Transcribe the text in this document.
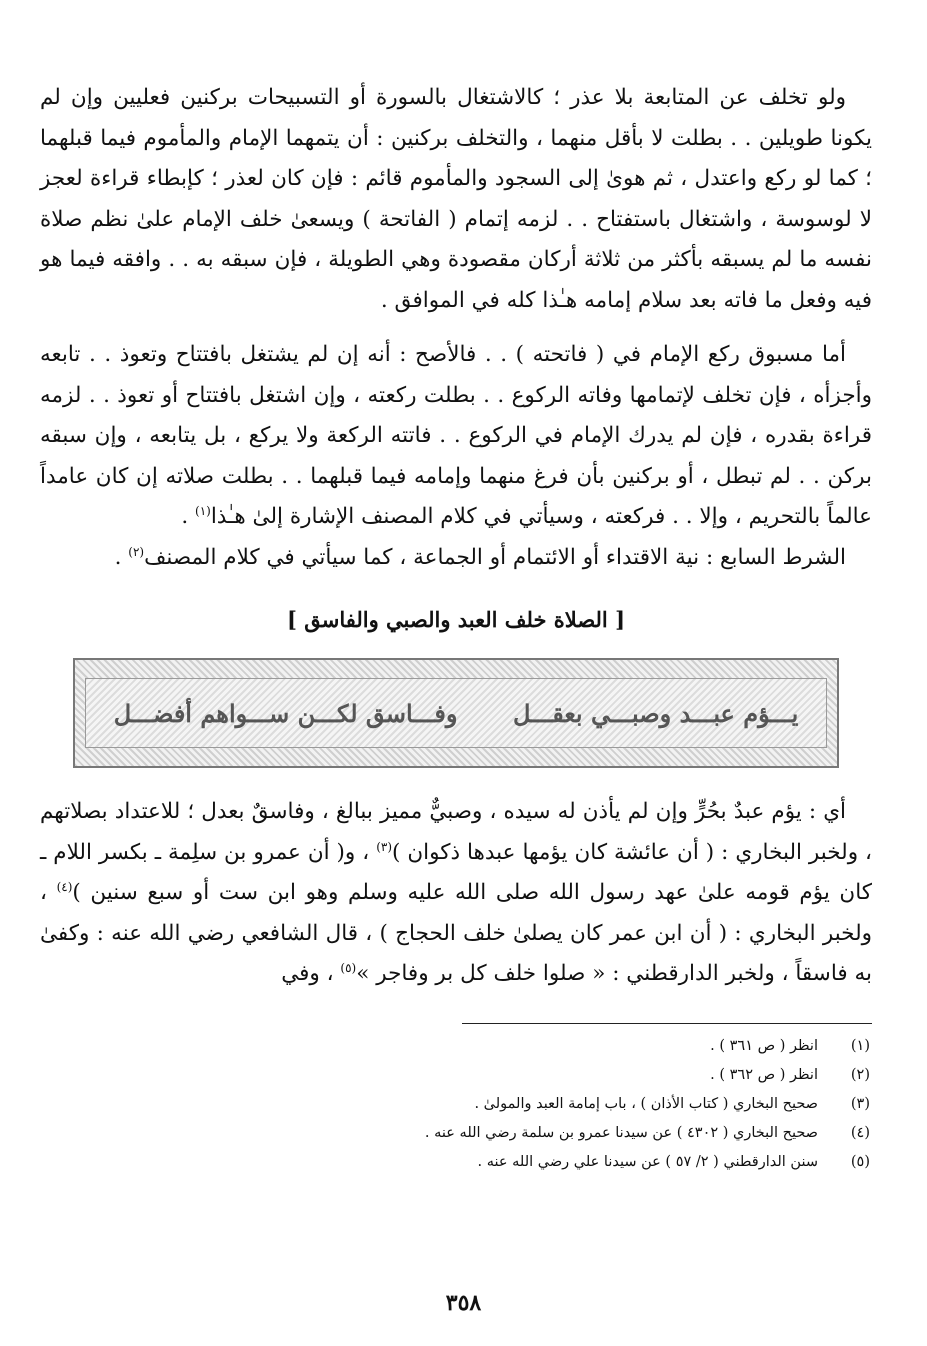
ولو تخلف عن المتابعة بلا عذر ؛ كالاشتغال بالسورة أو التسبيحات بركنين فعليين وإن لم يكونا طويلين . . بطلت لا بأقل منهما ، والتخلف بركنين : أن يتمهما الإمام والمأموم فيما قبلهما ؛ كما لو ركع واعتدل ، ثم هوىٰ إلى السجود والمأموم قائم : فإن كان لعذر ؛ كإبطاء قراءة لعجز لا لوسوسة ، واشتغال باستفتاح . . لزمه إتمام ( الفاتحة ) ويسعىٰ خلف الإمام علىٰ نظم صلاة نفسه ما لم يسبقه بأكثر من ثلاثة أركان مقصودة وهي الطويلة ، فإن سبقه به . . وافقه فيما هو فيه وفعل ما فاته بعد سلام إمامه هـٰذا كله في الموافق .

أما مسبوق ركع الإمام في ( فاتحته ) . . فالأصح : أنه إن لم يشتغل بافتتاح وتعوذ . . تابعه وأجزأه ، فإن تخلف لإتمامها وفاته الركوع . . بطلت ركعته ، وإن اشتغل بافتتاح أو تعوذ . . لزمه قراءة بقدره ، فإن لم يدرك الإمام في الركوع . . فاتته الركعة ولا يركع ، بل يتابعه ، وإن سبقه بركن . . لم تبطل ، أو بركنين بأن فرغ منهما وإمامه فيما قبلهما . . بطلت صلاته إن كان عامداً عالماً بالتحريم ، وإلا . . فركعته ، وسيأتي في كلام المصنف الإشارة إلىٰ هـٰذا$^{(١)}$ .

الشرط السابع : نية الاقتداء أو الائتمام أو الجماعة ، كما سيأتي في كلام المصنف$^{(٢)}$ .

[ الصلاة خلف العبد والصبي والفاسق ]
يـــؤم عبـــد وصبـــي بعقـــل
وفـــاسق لكـــن ســـواهم أفضـــل

أي : يؤم عبدٌ بحُرٍّ وإن لم يأذن له سيده ، وصبيٌّ مميز ببالغ ، وفاسقٌ بعدل ؛ للاعتداد بصلاتهم ، ولخبر البخاري : ( أن عائشة كان يؤمها عبدها ذكوان )$^{(٣)}$ ، و( أن عمرو بن سلِمة ـ بكسر اللام ـ كان يؤم قومه علىٰ عهد رسول الله صلى الله عليه وسلم وهو ابن ست أو سبع سنين )$^{(٤)}$ ، ولخبر البخاري : ( أن ابن عمر كان يصلىٰ خلف الحجاج ) ، قال الشافعي رضي الله عنه : وكفىٰ به فاسقاً ، ولخبر الدارقطني : « صلوا خلف كل بر وفاجر »$^{(٥)}$ ، وفي

(١)
انظر ( ص ٣٦١ ) .
(٢)
انظر ( ص ٣٦٢ ) .
(٣)
صحيح البخاري ( كتاب الأذان ) ، باب إمامة العبد والمولىٰ .
(٤)
صحيح البخاري ( ٤٣٠٢ ) عن سيدنا عمرو بن سلمة رضي الله عنه .
(٥)
سنن الدارقطني ( ٢/ ٥٧ ) عن سيدنا علي رضي الله عنه .
٣٥٨
